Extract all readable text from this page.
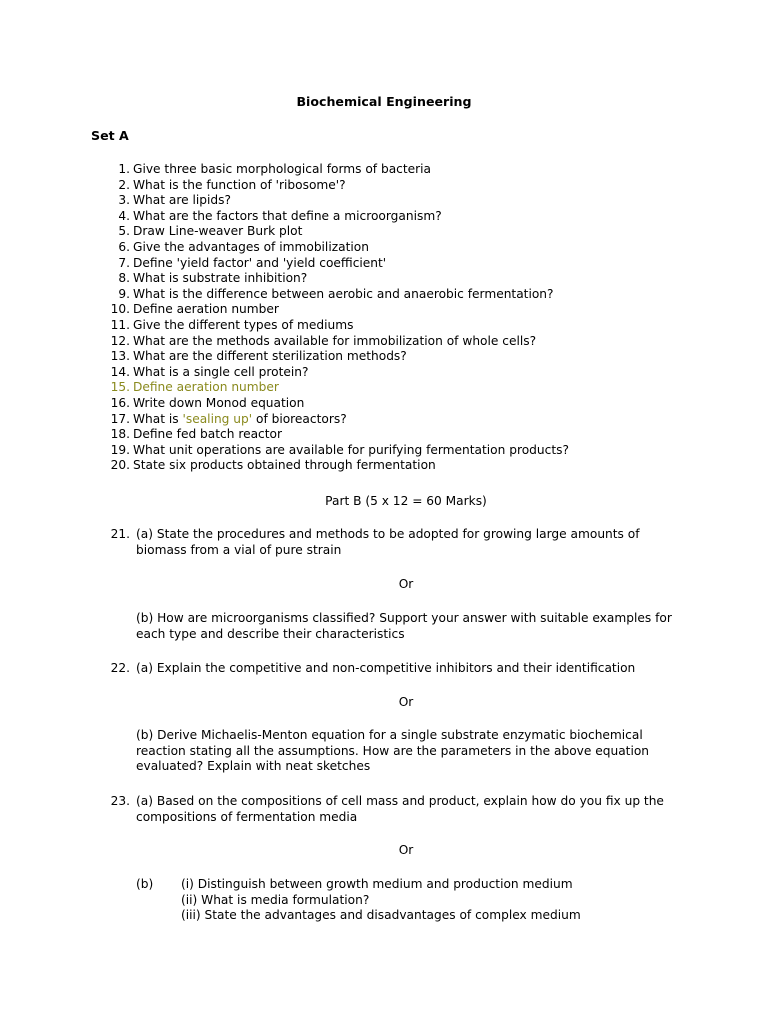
Biochemical Engineering
Set A
1. Give three basic morphological forms of bacteria
2. What is the function of 'ribosome'?
3. What are lipids?
4. What are the factors that define a microorganism?
5. Draw Line-weaver Burk plot
6. Give the advantages of immobilization
7. Define 'yield factor' and 'yield coefficient'
8. What is substrate inhibition?
9. What is the difference between aerobic and anaerobic fermentation?
10. Define aeration number
11. Give the different types of mediums
12. What are the methods available for immobilization of whole cells?
13. What are the different sterilization methods?
14. What is a single cell protein?
15. Define aeration number
16. Write down Monod equation
17. What is 'sealing up' of bioreactors?
18. Define fed batch reactor
19. What unit operations are available for purifying fermentation products?
20. State six products obtained through fermentation
Part B (5 x 12 = 60 Marks)
21. (a) State the procedures and methods to be adopted for growing large amounts of biomass from a vial of pure strain
Or
(b) How are microorganisms classified? Support your answer with suitable examples for each type and describe their characteristics
22. (a) Explain the competitive and non-competitive inhibitors and their identification
Or
(b) Derive Michaelis-Menton equation for a single substrate enzymatic biochemical reaction stating all the assumptions. How are the parameters in the above equation evaluated? Explain with neat sketches
23. (a) Based on the compositions of cell mass and product, explain how do you fix up the compositions of fermentation media
Or
(b) (i) Distinguish between growth medium and production medium
(ii) What is media formulation?
(iii) State the advantages and disadvantages of complex medium
